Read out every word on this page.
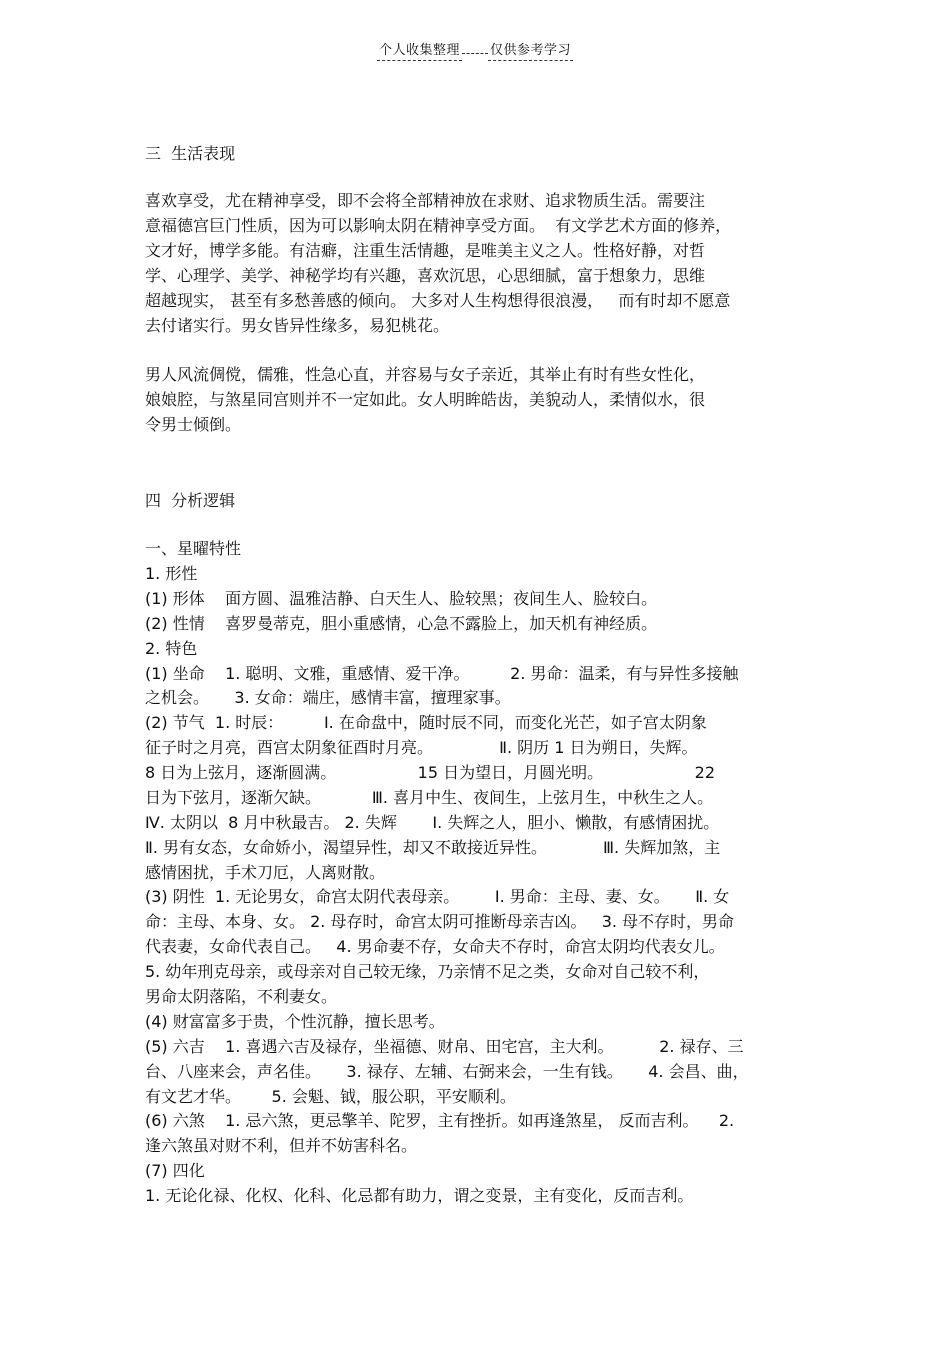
个人收集整理 仅供参考学习
三  生活表现
喜欢享受，尤在精神享受，即不会将全部精神放在求财、追求物质生活。需要注
意福德宫巨门性质，因为可以影响太阴在精神享受方面。  有文学艺术方面的修养，
文才好，博学多能。有洁癖，注重生活情趣，是唯美主义之人。性格好静，对哲
学、心理学、美学、神秘学均有兴趣，喜欢沉思，心思细腻，富于想象力，思维
超越现实， 甚至有多愁善感的倾向。 大多对人生构想得很浪漫，   而有时却不愿意
去付诸实行。男女皆异性缘多，易犯桃花。
男人风流倜傥，儒雅，性急心直，并容易与女子亲近，其举止有时有些女性化，
娘娘腔，与煞星同宫则并不一定如此。女人明眸皓齿，美貌动人，柔情似水，很
令男士倾倒。
四  分析逻辑
一、星曜特性
1. 形性
(1) 形体    面方圆、温雅洁静、白天生人、脸较黑；夜间生人、脸较白。
(2) 性情    喜罗曼蒂克，胆小重感情，心急不露脸上，加天机有神经质。
2. 特色
(1) 坐命    1. 聪明、文雅，重感情、爱干净。        2. 男命：温柔，有与异性多接触
之机会。     3. 女命：端庄，感情丰富，擅理家事。
(2) 节气  1. 时辰：        Ⅰ. 在命盘中，随时辰不同，而变化光芒，如子宫太阴象
征子时之月亮，酉宫太阴象征酉时月亮。             Ⅱ. 阴历 1 日为朔日，失辉。
8 日为上弦月，逐渐圆满。                15 日为望日，月圆光明。                  22
日为下弦月，逐渐欠缺。          Ⅲ. 喜月中生、夜间生，上弦月生，中秋生之人。
Ⅳ. 太阴以  8 月中秋最吉。 2. 失辉       Ⅰ. 失辉之人，胆小、懒散，有感情困扰。
Ⅱ. 男有女态，女命娇小，渴望异性，却又不敢接近异性。           Ⅲ. 失辉加煞，主
感情困扰，手术刀厄，人离财散。
(3) 阴性  1. 无论男女，命宫太阴代表母亲。       Ⅰ. 男命：主母、妻、女。     Ⅱ. 女
命：主母、本身、女。 2. 母存时，命宫太阴可推断母亲吉凶。   3. 母不存时，男命
代表妻，女命代表自己。   4. 男命妻不存，女命夫不存时，命宫太阴均代表女儿。
5. 幼年刑克母亲，或母亲对自己较无缘，乃亲情不足之类，女命对自己较不利，
男命太阴落陷，不利妻女。
(4) 财富富多于贵，个性沉静，擅长思考。
(5) 六吉    1. 喜遇六吉及禄存，坐福德、财帛、田宅宫，主大利。         2. 禄存、三
台、八座来会，声名佳。     3. 禄存、左辅、右弼来会，一生有钱。     4. 会昌、曲，
有文艺才华。      5. 会魁、钺，服公职，平安顺利。
(6) 六煞    1. 忌六煞，更忌擎羊、陀罗，主有挫折。如再逢煞星， 反而吉利。    2.
逢六煞虽对财不利，但并不妨害科名。
(7) 四化
1. 无论化禄、化权、化科、化忌都有助力，谓之变景，主有变化，反而吉利。
